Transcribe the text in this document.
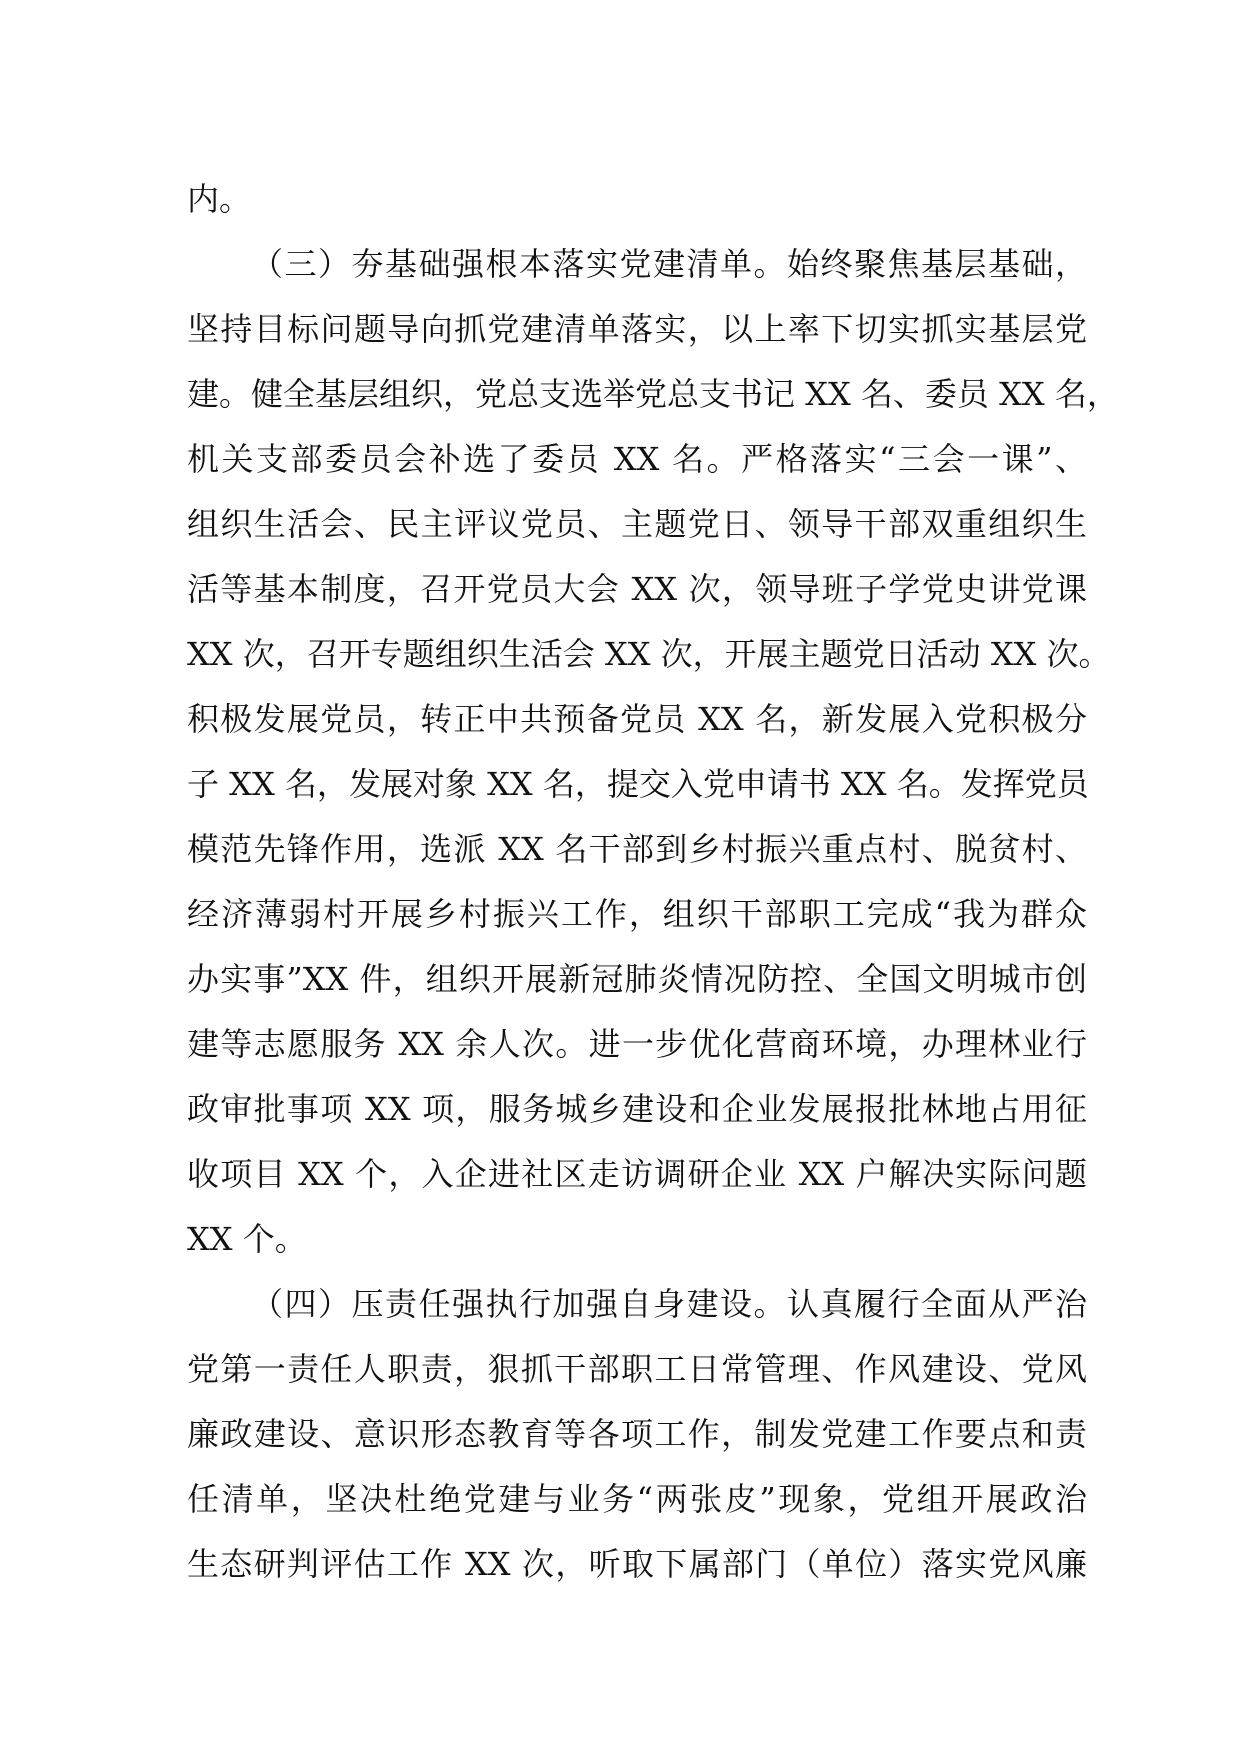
内。
（三）夯基础强根本落实党建清单。始终聚焦基层基础，
坚持目标问题导向抓党建清单落实，以上率下切实抓实基层党
建。健全基层组织，党总支选举党总支书记 XX 名、委员 XX 名，
机关支部委员会补选了委员 XX 名。严格落实“三会一课”、
组织生活会、民主评议党员、主题党日、领导干部双重组织生
活等基本制度，召开党员大会 XX 次，领导班子学党史讲党课
XX 次，召开专题组织生活会 XX 次，开展主题党日活动 XX 次。
积极发展党员，转正中共预备党员 XX 名，新发展入党积极分
子 XX 名，发展对象 XX 名，提交入党申请书 XX 名。发挥党员
模范先锋作用，选派 XX 名干部到乡村振兴重点村、脱贫村、
经济薄弱村开展乡村振兴工作，组织干部职工完成“我为群众
办实事”XX 件，组织开展新冠肺炎情况防控、全国文明城市创
建等志愿服务 XX 余人次。进一步优化营商环境，办理林业行
政审批事项 XX 项，服务城乡建设和企业发展报批林地占用征
收项目 XX 个，入企进社区走访调研企业 XX 户解决实际问题
XX 个。
（四）压责任强执行加强自身建设。认真履行全面从严治
党第一责任人职责，狠抓干部职工日常管理、作风建设、党风
廉政建设、意识形态教育等各项工作，制发党建工作要点和责
任清单，坚决杜绝党建与业务“两张皮”现象，党组开展政治
生态研判评估工作 XX 次，听取下属部门（单位）落实党风廉
